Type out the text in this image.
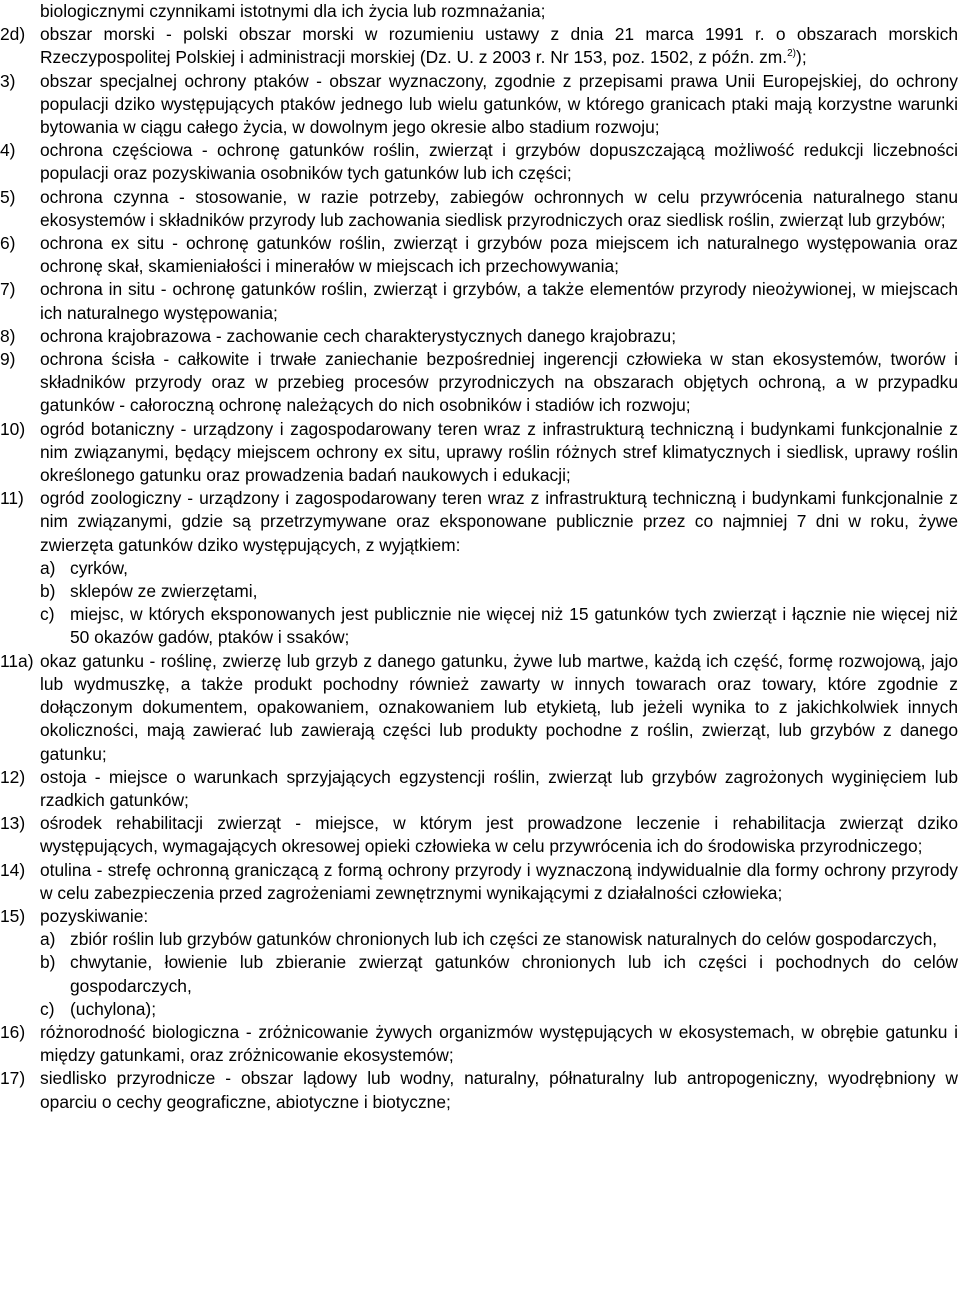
biologicznymi czynnikami istotnymi dla ich życia lub rozmnażania;
2d) obszar morski - polski obszar morski w rozumieniu ustawy z dnia 21 marca 1991 r. o obszarach morskich Rzeczypospolitej Polskiej i administracji morskiej (Dz. U. z 2003 r. Nr 153, poz. 1502, z późn. zm.$^{2)}$);
3) obszar specjalnej ochrony ptaków - obszar wyznaczony, zgodnie z przepisami prawa Unii Europejskiej, do ochrony populacji dziko występujących ptaków jednego lub wielu gatunków, w którego granicach ptaki mają korzystne warunki bytowania w ciągu całego życia, w dowolnym jego okresie albo stadium rozwoju;
4) ochrona częściowa - ochronę gatunków roślin, zwierząt i grzybów dopuszczającą możliwość redukcji liczebności populacji oraz pozyskiwania osobników tych gatunków lub ich części;
5) ochrona czynna - stosowanie, w razie potrzeby, zabiegów ochronnych w celu przywrócenia naturalnego stanu ekosystemów i składników przyrody lub zachowania siedlisk przyrodniczych oraz siedlisk roślin, zwierząt lub grzybów;
6) ochrona ex situ - ochronę gatunków roślin, zwierząt i grzybów poza miejscem ich naturalnego występowania oraz ochronę skał, skamieniałości i minerałów w miejscach ich przechowywania;
7) ochrona in situ - ochronę gatunków roślin, zwierząt i grzybów, a także elementów przyrody nieożywionej, w miejscach ich naturalnego występowania;
8) ochrona krajobrazowa - zachowanie cech charakterystycznych danego krajobrazu;
9) ochrona ścisła - całkowite i trwałe zaniechanie bezpośredniej ingerencji człowieka w stan ekosystemów, tworów i składników przyrody oraz w przebieg procesów przyrodniczych na obszarach objętych ochroną, a w przypadku gatunków - całoroczną ochronę należących do nich osobników i stadiów ich rozwoju;
10) ogród botaniczny - urządzony i zagospodarowany teren wraz z infrastrukturą techniczną i budynkami funkcjonalnie z nim związanymi, będący miejscem ochrony ex situ, uprawy roślin różnych stref klimatycznych i siedlisk, uprawy roślin określonego gatunku oraz prowadzenia badań naukowych i edukacji;
11) ogród zoologiczny - urządzony i zagospodarowany teren wraz z infrastrukturą techniczną i budynkami funkcjonalnie z nim związanymi, gdzie są przetrzymywane oraz eksponowane publicznie przez co najmniej 7 dni w roku, żywe zwierzęta gatunków dziko występujących, z wyjątkiem:
a) cyrków,
b) sklepów ze zwierzętami,
c) miejsc, w których eksponowanych jest publicznie nie więcej niż 15 gatunków tych zwierząt i łącznie nie więcej niż 50 okazów gadów, ptaków i ssaków;
11a) okaz gatunku - roślinę, zwierzę lub grzyb z danego gatunku, żywe lub martwe, każdą ich część, formę rozwojową, jajo lub wydmuszkę, a także produkt pochodny również zawarty w innych towarach oraz towary, które zgodnie z dołączonym dokumentem, opakowaniem, oznakowaniem lub etykietą, lub jeżeli wynika to z jakichkolwiek innych okoliczności, mają zawierać lub zawierają części lub produkty pochodne z roślin, zwierząt, lub grzybów z danego gatunku;
12) ostoja - miejsce o warunkach sprzyjających egzystencji roślin, zwierząt lub grzybów zagrożonych wyginięciem lub rzadkich gatunków;
13) ośrodek rehabilitacji zwierząt - miejsce, w którym jest prowadzone leczenie i rehabilitacja zwierząt dziko występujących, wymagających okresowej opieki człowieka w celu przywrócenia ich do środowiska przyrodniczego;
14) otulina - strefę ochronną graniczącą z formą ochrony przyrody i wyznaczoną indywidualnie dla formy ochrony przyrody w celu zabezpieczenia przed zagrożeniami zewnętrznymi wynikającymi z działalności człowieka;
15) pozyskiwanie:
a) zbiór roślin lub grzybów gatunków chronionych lub ich części ze stanowisk naturalnych do celów gospodarczych,
b) chwytanie, łowienie lub zbieranie zwierząt gatunków chronionych lub ich części i pochodnych do celów gospodarczych,
c) (uchylona);
16) różnorodność biologiczna - zróżnicowanie żywych organizmów występujących w ekosystemach, w obrębie gatunku i między gatunkami, oraz zróżnicowanie ekosystemów;
17) siedlisko przyrodnicze - obszar lądowy lub wodny, naturalny, półnaturalny lub antropogeniczny, wyodrębniony w oparciu o cechy geograficzne, abiotyczne i biotyczne;
